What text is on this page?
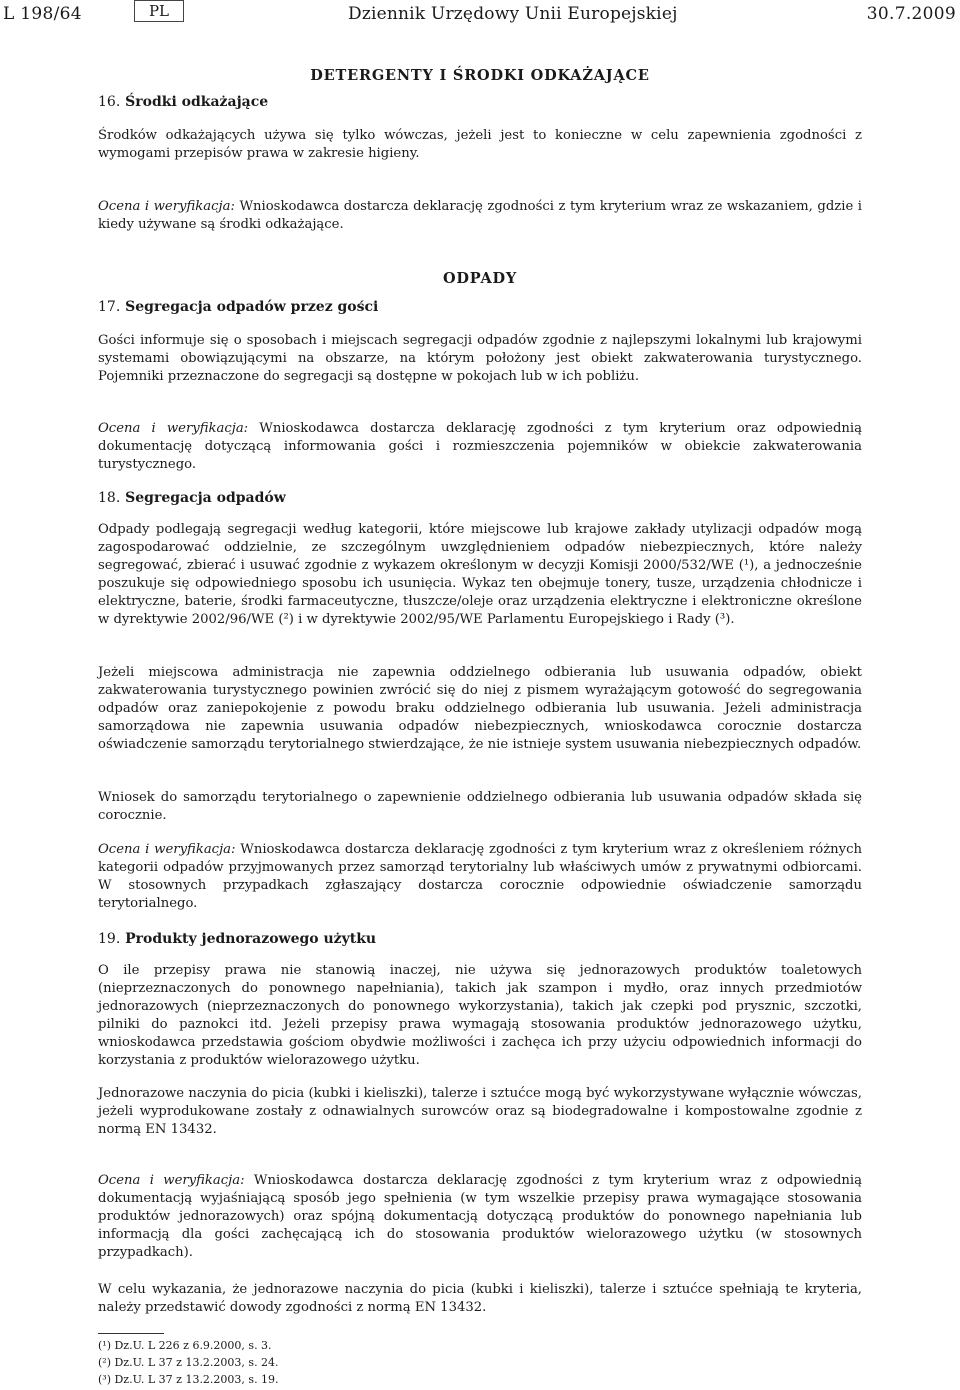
L 198/64	PL	Dziennik Urzędowy Unii Europejskiej	30.7.2009
DETERGENTY I ŚRODKI ODKAŻAJĄCE
16. Środki odkażające

Środków odkażających używa się tylko wówczas, jeżeli jest to konieczne w celu zapewnienia zgodności z wymogami przepisów prawa w zakresie higieny.

Ocena i weryfikacja: Wnioskodawca dostarcza deklarację zgodności z tym kryterium wraz ze wskazaniem, gdzie i kiedy używane są środki odkażające.

ODPADY
17. Segregacja odpadów przez gości

Gości informuje się o sposobach i miejscach segregacji odpadów zgodnie z najlepszymi lokalnymi lub krajowymi systemami obowiązującymi na obszarze, na którym położony jest obiekt zakwaterowania turystycznego. Pojemniki przeznaczone do segregacji są dostępne w pokojach lub w ich pobliżu.

Ocena i weryfikacja: Wnioskodawca dostarcza deklarację zgodności z tym kryterium oraz odpowiednią dokumentację dotyczącą informowania gości i rozmieszczenia pojemników w obiekcie zakwaterowania turystycznego.

18. Segregacja odpadów

Odpady podlegają segregacji według kategorii, które miejscowe lub krajowe zakłady utylizacji odpadów mogą zagospodarować oddzielnie, ze szczególnym uwzględnieniem odpadów niebezpiecznych, które należy segregować, zbierać i usuwać zgodnie z wykazem określonym w decyzji Komisji 2000/532/WE (¹), a jednocześnie poszukuje się odpowiedniego sposobu ich usunięcia. Wykaz ten obejmuje tonery, tusze, urządzenia chłodnicze i elektryczne, baterie, środki farmaceutyczne, tłuszcze/oleje oraz urządzenia elektryczne i elektroniczne określone w dyrektywie 2002/96/WE (²) i w dyrektywie 2002/95/WE Parlamentu Europejskiego i Rady (³).

Jeżeli miejscowa administracja nie zapewnia oddzielnego odbierania lub usuwania odpadów, obiekt zakwaterowania turystycznego powinien zwrócić się do niej z pismem wyrażającym gotowość do segregowania odpadów oraz zaniepokojenie z powodu braku oddzielnego odbierania lub usuwania. Jeżeli administracja samorządowa nie zapewnia usuwania odpadów niebezpiecznych, wnioskodawca corocznie dostarcza oświadczenie samorządu terytorialnego stwierdzające, że nie istnieje system usuwania niebezpiecznych odpadów.

Wniosek do samorządu terytorialnego o zapewnienie oddzielnego odbierania lub usuwania odpadów składa się corocznie.

Ocena i weryfikacja: Wnioskodawca dostarcza deklarację zgodności z tym kryterium wraz z określeniem różnych kategorii odpadów przyjmowanych przez samorząd terytorialny lub właściwych umów z prywatnymi odbiorcami. W stosownych przypadkach zgłaszający dostarcza corocznie odpowiednie oświadczenie samorządu terytorialnego.

19. Produkty jednorazowego użytku

O ile przepisy prawa nie stanowią inaczej, nie używa się jednorazowych produktów toaletowych (nieprzeznaczonych do ponownego napełniania), takich jak szampon i mydło, oraz innych przedmiotów jednorazowych (nieprzeznaczonych do ponownego wykorzystania), takich jak czepki pod prysznic, szczotki, pilniki do paznokci itd. Jeżeli przepisy prawa wymagają stosowania produktów jednorazowego użytku, wnioskodawca przedstawia gościom obydwie możliwości i zachęca ich przy użyciu odpowiednich informacji do korzystania z produktów wielorazowego użytku.

Jednorazowe naczynia do picia (kubki i kieliszki), talerze i sztućce mogą być wykorzystywane wyłącznie wówczas, jeżeli wyprodukowane zostały z odnawialnych surowców oraz są biodegradowalne i kompostowalne zgodnie z normą EN 13432.

Ocena i weryfikacja: Wnioskodawca dostarcza deklarację zgodności z tym kryterium wraz z odpowiednią dokumentacją wyjaśniającą sposób jego spełnienia (w tym wszelkie przepisy prawa wymagające stosowania produktów jednorazowych) oraz spójną dokumentacją dotyczącą produktów do ponownego napełniania lub informacją dla gości zachęcającą ich do stosowania produktów wielorazowego użytku (w stosownych przypadkach).

W celu wykazania, że jednorazowe naczynia do picia (kubki i kieliszki), talerze i sztućce spełniają te kryteria, należy przedstawić dowody zgodności z normą EN 13432.

(¹) Dz.U. L 226 z 6.9.2000, s. 3.
(²) Dz.U. L 37 z 13.2.2003, s. 24.
(³) Dz.U. L 37 z 13.2.2003, s. 19.
